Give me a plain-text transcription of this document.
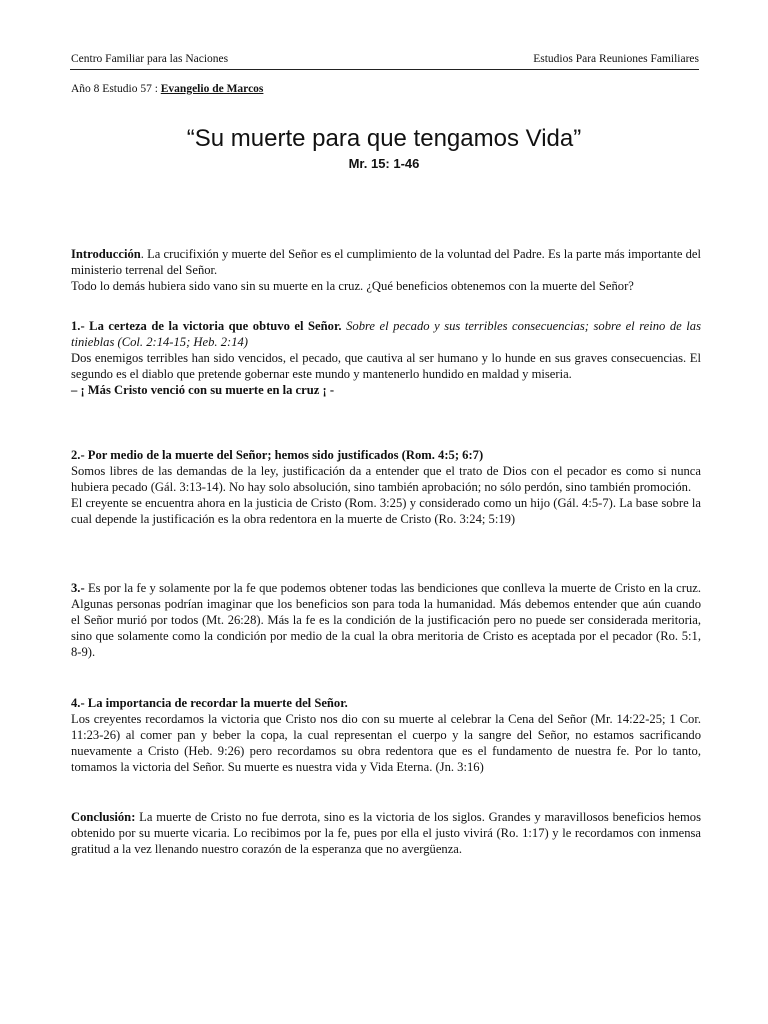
Centro Familiar para las Naciones	Estudios Para Reuniones Familiares
Año 8 Estudio 57 : Evangelio de Marcos
“Su muerte para que tengamos Vida”
Mr. 15: 1-46

Introducción. La crucifixión y muerte del Señor es el cumplimiento de la voluntad del Padre. Es la parte más importante del ministerio terrenal del Señor.

Todo lo demás hubiera sido vano sin su muerte en la cruz. ¿Qué beneficios obtenemos con la muerte del Señor?

1.- La certeza de la victoria que obtuvo el Señor. Sobre el pecado y sus terribles consecuencias; sobre el reino de las tinieblas (Col. 2:14-15; Heb. 2:14)

Dos enemigos terribles han sido vencidos, el pecado, que cautiva al ser humano y lo hunde en sus graves consecuencias. El segundo es el diablo que pretende gobernar este mundo y mantenerlo hundido en maldad y miseria.

– ¡ Más Cristo venció con su muerte en la cruz ¡ -

2.- Por medio de la muerte del Señor; hemos sido justificados (Rom. 4:5; 6:7)

Somos libres de las demandas de la ley, justificación da a entender que el trato de Dios con el pecador es como si nunca hubiera pecado (Gál. 3:13-14). No hay solo absolución, sino también aprobación; no sólo perdón, sino también promoción.

El creyente se encuentra ahora en la justicia de Cristo (Rom. 3:25) y considerado como un hijo (Gál. 4:5-7). La base sobre la cual depende la justificación es la obra redentora en la muerte de Cristo (Ro. 3:24; 5:19)

3.- Es por la fe y solamente por la fe que podemos obtener todas las bendiciones que conlleva la muerte de Cristo en la cruz. Algunas personas podrían imaginar que los beneficios son para toda la humanidad. Más debemos entender que aún cuando el Señor murió por todos (Mt. 26:28). Más la fe es la condición de la justificación pero no puede ser considerada meritoria, sino que solamente como la condición por medio de la cual la obra meritoria de Cristo es aceptada por el pecador (Ro. 5:1, 8-9).

4.- La importancia de recordar la muerte del Señor.

Los creyentes recordamos la victoria que Cristo nos dio con su muerte al celebrar la Cena del Señor (Mr. 14:22-25; 1 Cor. 11:23-26) al comer pan y beber la copa, la cual representan el cuerpo y la sangre del Señor, no estamos sacrificando nuevamente a Cristo (Heb. 9:26) pero recordamos su obra redentora que es el fundamento de nuestra fe. Por lo tanto, tomamos la victoria del Señor. Su muerte es nuestra vida y Vida Eterna. (Jn. 3:16)

Conclusión: La muerte de Cristo no fue derrota, sino es la victoria de los siglos. Grandes y maravillosos beneficios hemos obtenido por su muerte vicaria. Lo recibimos por la fe, pues por ella el justo vivirá (Ro. 1:17) y le recordamos con inmensa gratitud a la vez llenando nuestro corazón de la esperanza que no avergüenza.
